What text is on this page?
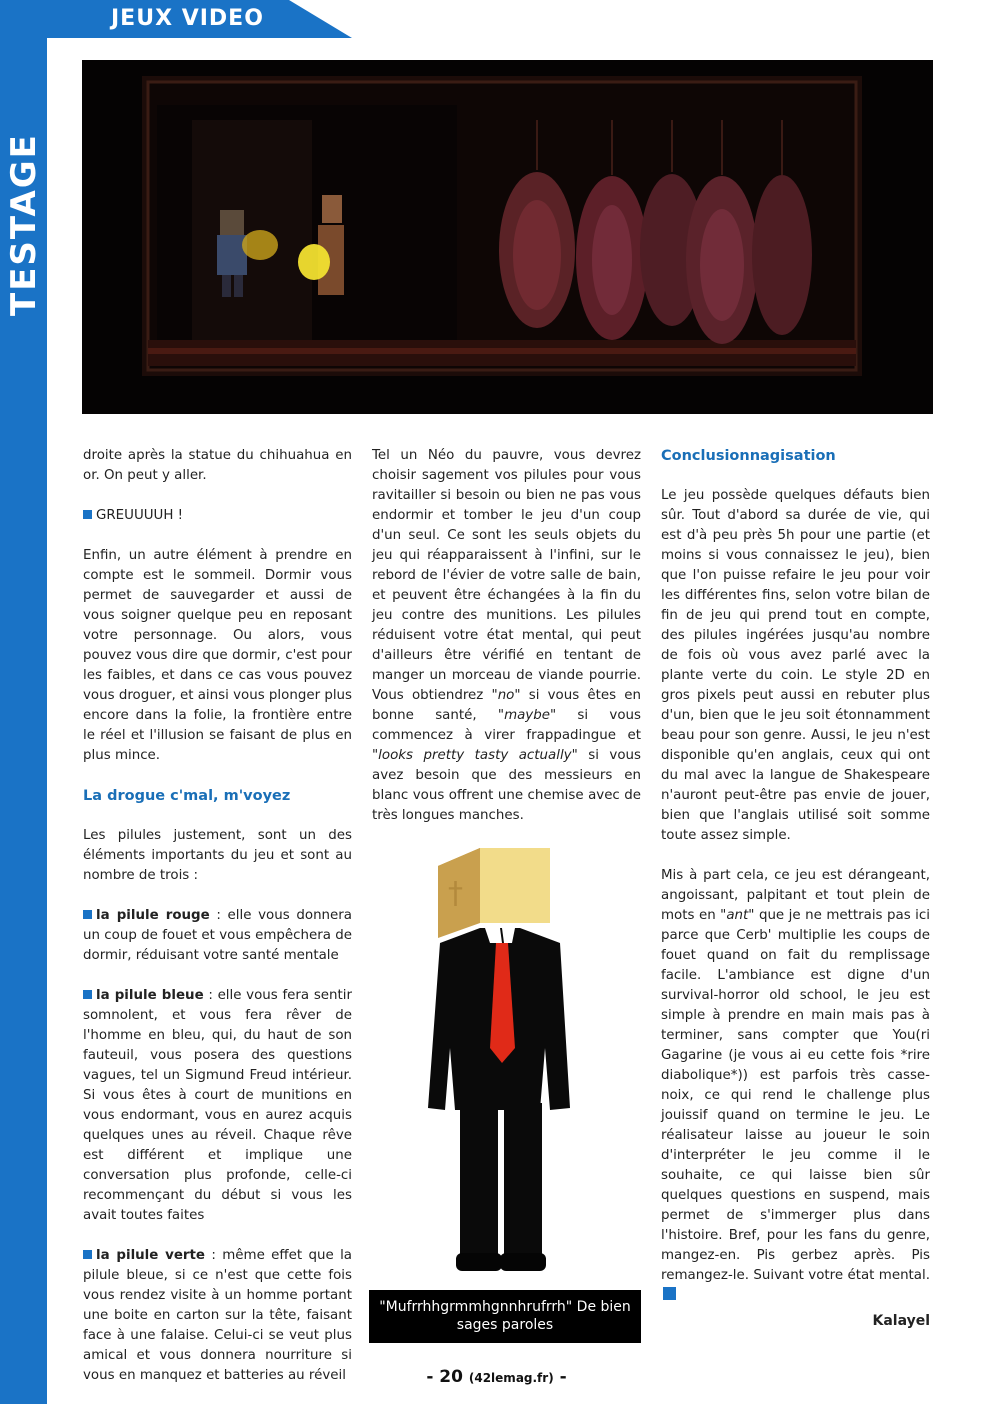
TESTAGE
JEUX VIDEO

droite après la statue du chihuahua en or. On peut y aller.

GREUUUUH !

Enfin, un autre élément à prendre en compte est le sommeil. Dormir vous permet de sauvegarder et aussi de vous soigner quelque peu en reposant votre personnage. Ou alors, vous pouvez vous dire que dormir, c'est pour les faibles, et dans ce cas vous pouvez vous droguer, et ainsi vous plonger plus encore dans la folie, la frontière entre le réel et l'illusion se faisant de plus en plus mince.

La drogue c'mal, m'voyez

Les pilules justement, sont un des éléments importants du jeu et sont au nombre de trois :

la pilule rouge : elle vous donnera un coup de fouet et vous empêchera de dormir, réduisant votre santé mentale

la pilule bleue : elle vous fera sentir somnolent, et vous fera rêver de l'homme en bleu, qui, du haut de son fauteuil, vous posera des questions vagues, tel un Sigmund Freud intérieur. Si vous êtes à court de munitions en vous endormant, vous en aurez acquis quelques unes au réveil. Chaque rêve est différent et implique une conversation plus profonde, celle-ci recommençant du début si vous les avait toutes faites

la pilule verte : même effet que la pilule bleue, si ce n'est que cette fois vous rendez visite à un homme portant une boite en carton sur la tête, faisant face à une falaise. Celui-ci se veut plus amical et vous donnera nourriture si vous en manquez et batteries au réveil

Tel un Néo du pauvre, vous devrez choisir sagement vos pilules pour vous ravitailler si besoin ou bien ne pas vous endormir et tomber le jeu d'un coup d'un seul. Ce sont les seuls objets du jeu qui réapparaissent à l'infini, sur le rebord de l'évier de votre salle de bain, et peuvent être échangées à la fin du jeu contre des munitions. Les pilules réduisent votre état mental, qui peut d'ailleurs être vérifié en tentant de manger un morceau de viande pourrie. Vous obtiendrez "no" si vous êtes en bonne santé, "maybe" si vous commencez à virer frappadingue et "looks pretty tasty actually" si vous avez besoin que des messieurs en blanc vous offrent une chemise avec de très longues manches.

†
"Mufrrhhgrmmhgnnhrufrrh" De bien sages paroles
Conclusionnagisation

Le jeu possède quelques défauts bien sûr. Tout d'abord sa durée de vie, qui est d'à peu près 5h pour une partie (et moins si vous connaissez le jeu), bien que l'on puisse refaire le jeu pour voir les différentes fins, selon votre bilan de fin de jeu qui prend tout en compte, des pilules ingérées jusqu'au nombre de fois où vous avez parlé avec la plante verte du coin. Le style 2D en gros pixels peut aussi en rebuter plus d'un, bien que le jeu soit étonnamment beau pour son genre. Aussi, le jeu n'est disponible qu'en anglais, ceux qui ont du mal avec la langue de Shakespeare n'auront peut-être pas envie de jouer, bien que l'anglais utilisé soit somme toute assez simple.

Mis à part cela, ce jeu est dérangeant, angoissant, palpitant et tout plein de mots en "ant" que je ne mettrais pas ici parce que Cerb' multiplie les coups de fouet quand on fait du remplissage facile. L'ambiance est digne d'un survival-horror old school, le jeu est simple à prendre en main mais pas à terminer, sans compter que You(ri Gagarine (je vous ai eu cette fois *rire diabolique*)) est parfois très casse-noix, ce qui rend le challenge plus jouissif quand on termine le jeu. Le réalisateur laisse au joueur le soin d'interpréter le jeu comme il le souhaite, ce qui laisse bien sûr quelques questions en suspend, mais permet de s'immerger plus dans l'histoire. Bref, pour les fans du genre, mangez-en. Pis gerbez après. Pis remangez-le. Suivant votre état mental.

Kalayel
- 20 (42lemag.fr) -
